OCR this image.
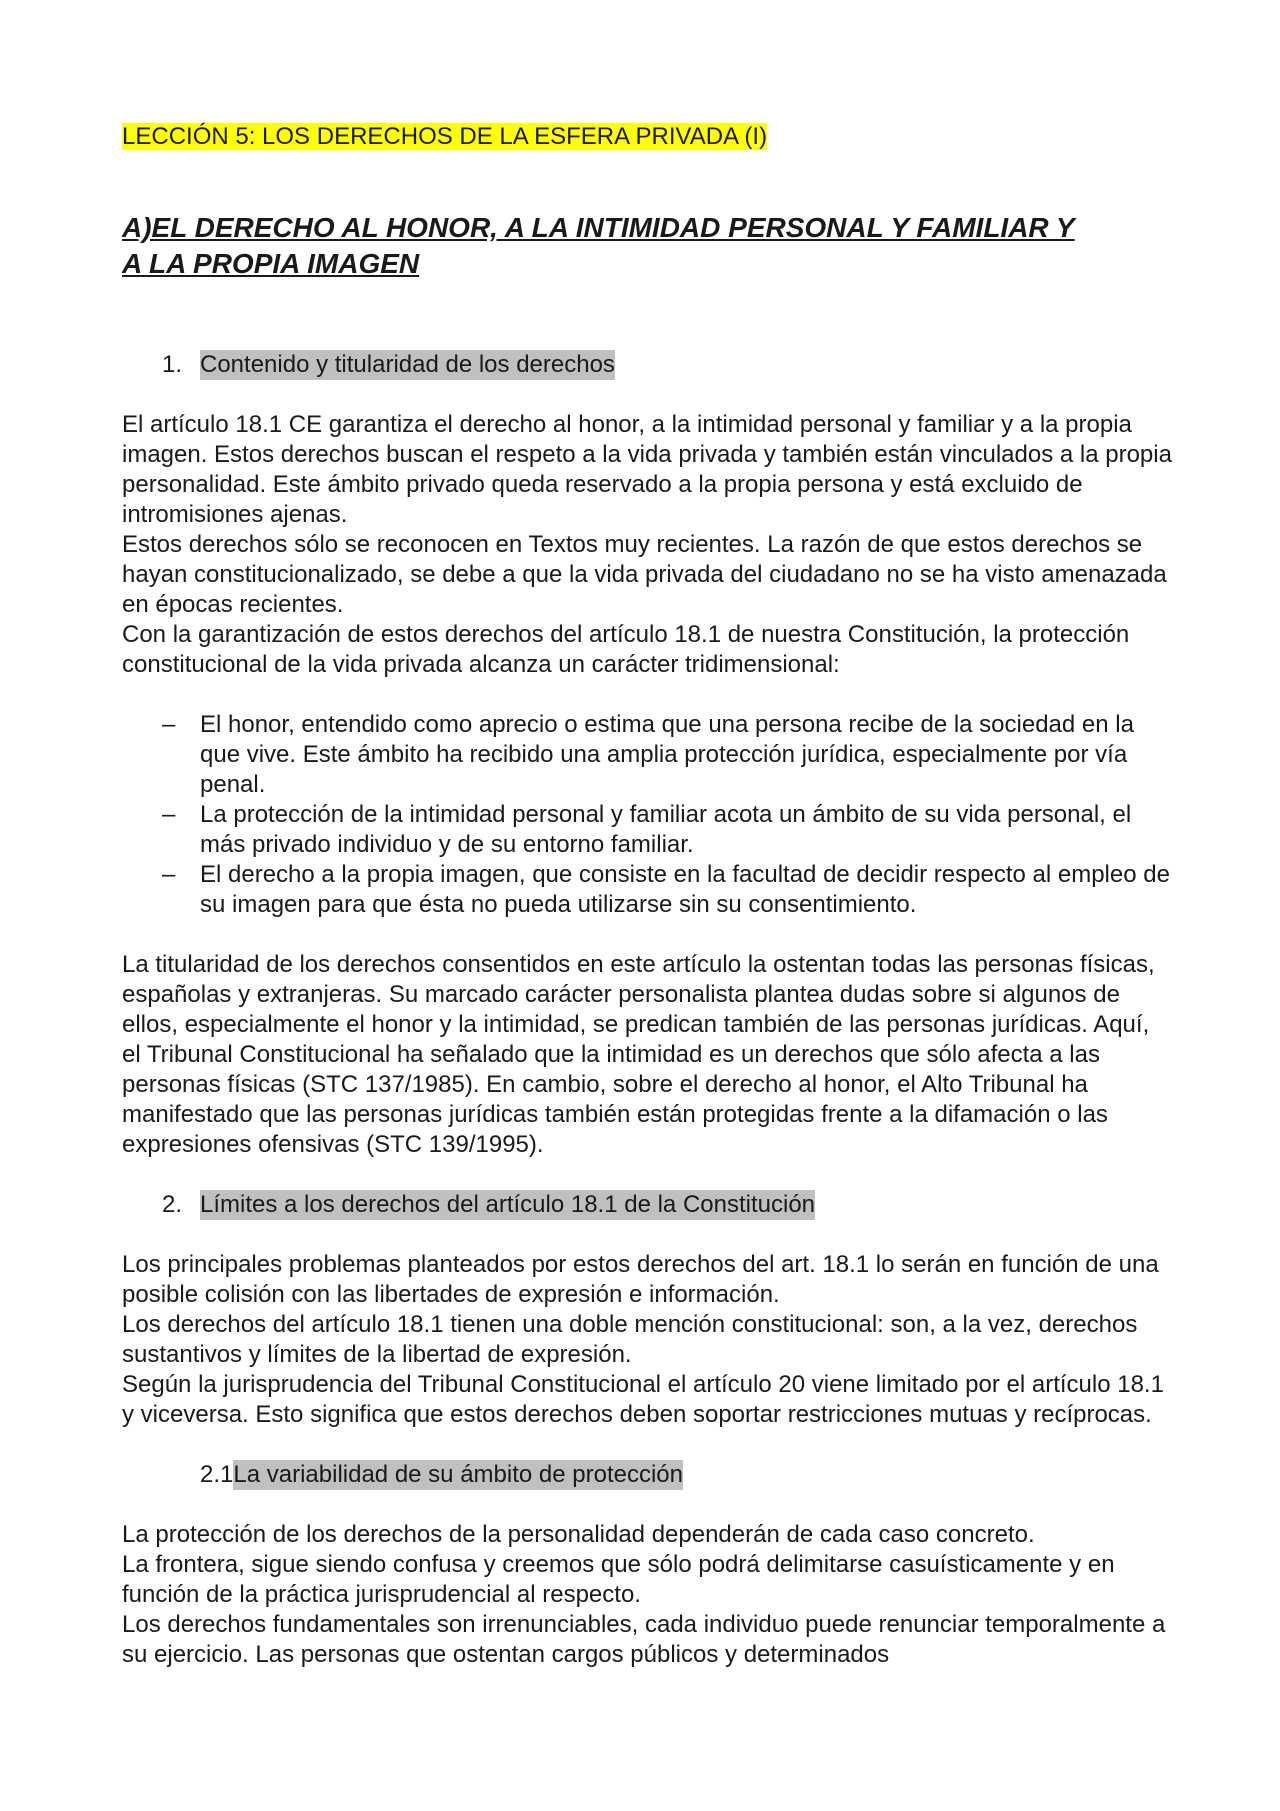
LECCIÓN 5: LOS DERECHOS DE LA ESFERA PRIVADA (I)

A)EL DERECHO AL HONOR, A LA INTIMIDAD PERSONAL Y FAMILIAR Y
A LA PROPIA IMAGEN

1. Contenido y titularidad de los derechos

El artículo 18.1 CE garantiza el derecho al honor, a la intimidad personal y familiar y a la propia imagen. Estos derechos buscan el respeto a la vida privada y también están vinculados a la propia personalidad. Este ámbito privado queda reservado a la propia persona y está excluido de intromisiones ajenas.

Estos derechos sólo se reconocen en Textos muy recientes. La razón de que estos derechos se hayan constitucionalizado, se debe a que la vida privada del ciudadano no se ha visto amenazada en épocas recientes.

Con la garantización de estos derechos del artículo 18.1 de nuestra Constitución, la protección constitucional de la vida privada alcanza un carácter tridimensional:

– El honor, entendido como aprecio o estima que una persona recibe de la sociedad en la que vive. Este ámbito ha recibido una amplia protección jurídica, especialmente por vía penal.
– La protección de la intimidad personal y familiar acota un ámbito de su vida personal, el más privado individuo y de su entorno familiar.
– El derecho a la propia imagen, que consiste en la facultad de decidir respecto al empleo de su imagen para que ésta no pueda utilizarse sin su consentimiento.

La titularidad de los derechos consentidos en este artículo la ostentan todas las personas físicas, españolas y extranjeras. Su marcado carácter personalista plantea dudas sobre si algunos de ellos, especialmente el honor y la intimidad, se predican también de las personas jurídicas. Aquí, el Tribunal Constitucional ha señalado que la intimidad es un derechos que sólo afecta a las personas físicas (STC 137/1985). En cambio, sobre el derecho al honor, el Alto Tribunal ha manifestado que las personas jurídicas también están protegidas frente a la difamación o las expresiones ofensivas (STC 139/1995).

2. Límites a los derechos del artículo 18.1 de la Constitución

Los principales problemas planteados por estos derechos del art. 18.1 lo serán en función de una posible colisión con las libertades de expresión e información.

Los derechos del artículo 18.1 tienen una doble mención constitucional: son, a la vez, derechos sustantivos y límites de la libertad de expresión.

Según la jurisprudencia del Tribunal Constitucional el artículo 20 viene limitado por el artículo 18.1 y viceversa. Esto significa que estos derechos deben soportar restricciones mutuas y recíprocas.

2.1 La variabilidad de su ámbito de protección

La protección de los derechos de la personalidad dependerán de cada caso concreto.

La frontera, sigue siendo confusa y creemos que sólo podrá delimitarse casuísticamente y en función de la práctica jurisprudencial al respecto.

Los derechos fundamentales son irrenunciables, cada individuo puede renunciar temporalmente a su ejercicio. Las personas que ostentan cargos públicos y determinados
